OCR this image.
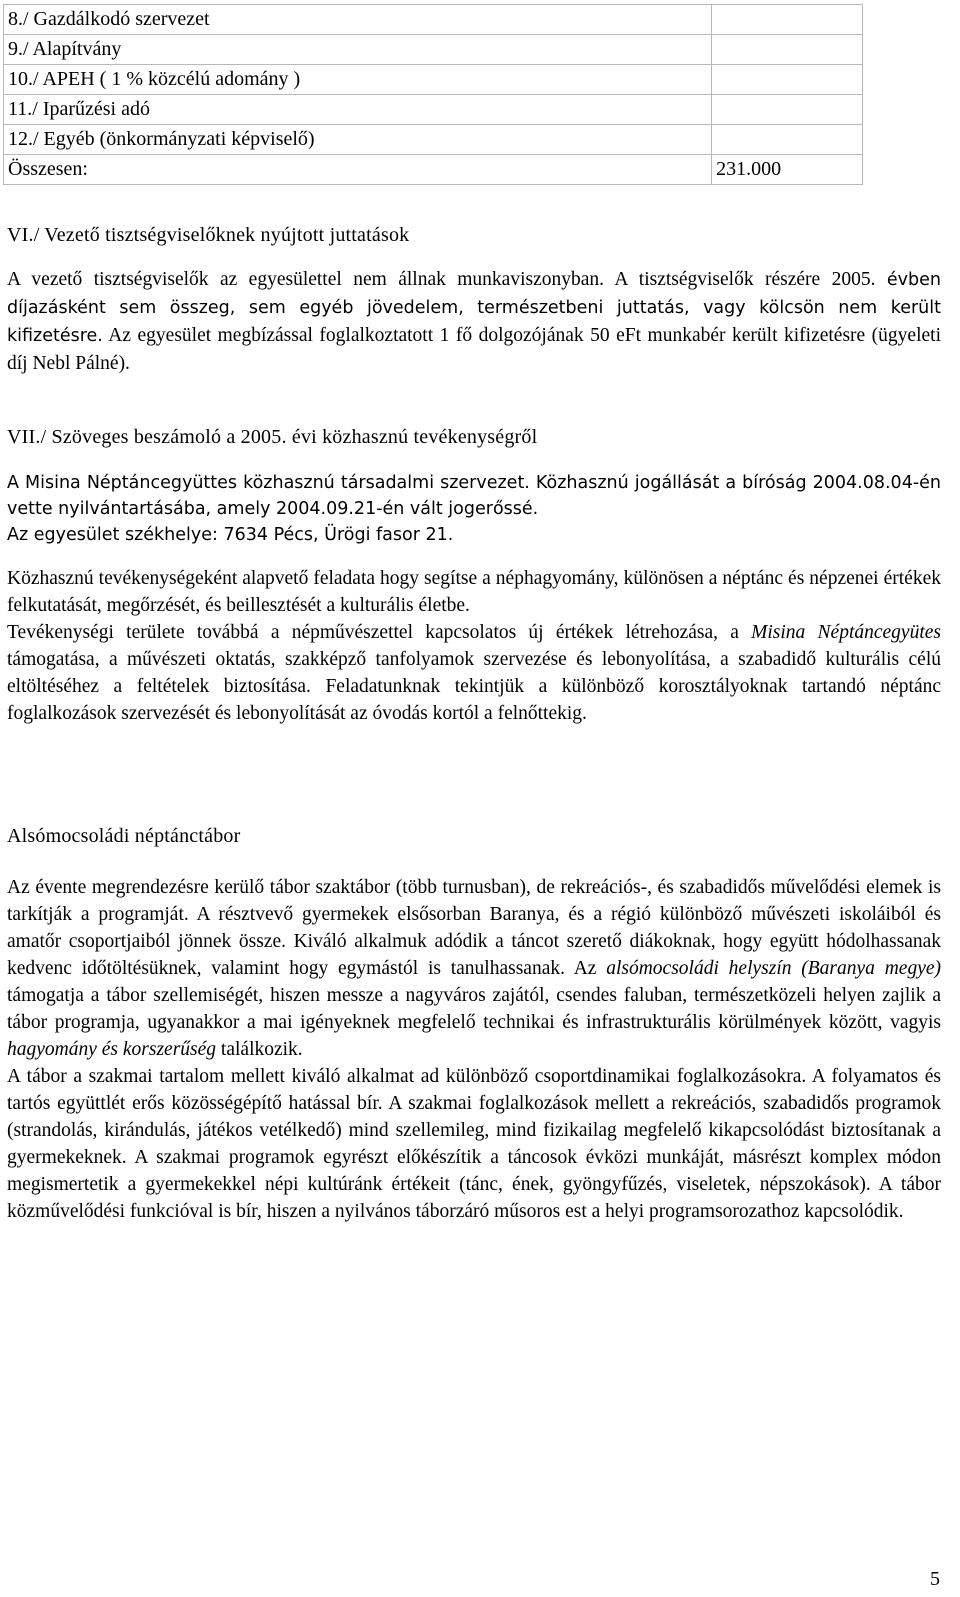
8./ Gazdálkodó szervezet	
9./ Alapítvány	
10./ APEH ( 1 % közcélú adomány )	
11./ Iparűzési adó	
12./ Egyéb (önkormányzati képviselő)	
Összesen:	231.000
VI./ Vezető tisztségviselőknek nyújtott juttatások

A vezető tisztségviselők az egyesülettel nem állnak munkaviszonyban. A tisztségviselők részére 2005. évben díjazásként sem összeg, sem egyéb jövedelem, természetbeni juttatás, vagy kölcsön nem került kifizetésre. Az egyesület megbízással foglalkoztatott 1 fő dolgozójának 50 eFt munkabér került kifizetésre (ügyeleti díj Nebl Pálné).

VII./ Szöveges beszámoló a 2005. évi közhasznú tevékenységről

A Misina Néptáncegyüttes közhasznú társadalmi szervezet. Közhasznú jogállását a bíróság 2004.08.04-én vette nyilvántartásába, amely 2004.09.21-én vált jogerőssé.

Az egyesület székhelye: 7634 Pécs, Ürögi fasor 21.

Közhasznú tevékenységeként alapvető feladata hogy segítse a néphagyomány, különösen a néptánc és népzenei értékek felkutatását, megőrzését, és beillesztését a kulturális életbe.

Tevékenységi területe továbbá a népművészettel kapcsolatos új értékek létrehozása, a Misina Néptáncegyütes támogatása, a művészeti oktatás, szakképző tanfolyamok szervezése és lebonyolítása, a szabadidő kulturális célú eltöltéséhez a feltételek biztosítása. Feladatunknak tekintjük a különböző korosztályoknak tartandó néptánc foglalkozások szervezését és lebonyolítását az óvodás kortól a felnőttekig.

Alsómocsoládi néptánctábor

Az évente megrendezésre kerülő tábor szaktábor (több turnusban), de rekreációs-, és szabadidős művelődési elemek is tarkítják a programját. A résztvevő gyermekek elsősorban Baranya, és a régió különböző művészeti iskoláiból és amatőr csoportjaiból jönnek össze. Kiváló alkalmuk adódik a táncot szerető diákoknak, hogy együtt hódolhassanak kedvenc időtöltésüknek, valamint hogy egymástól is tanulhassanak. Az alsómocsoládi helyszín (Baranya megye) támogatja a tábor szellemiségét, hiszen messze a nagyváros zajától, csendes faluban, természetközeli helyen zajlik a tábor programja, ugyanakkor a mai igényeknek megfelelő technikai és infrastrukturális körülmények között, vagyis hagyomány és korszerűség találkozik.

A tábor a szakmai tartalom mellett kiváló alkalmat ad különböző csoportdinamikai foglalkozásokra. A folyamatos és tartós együttlét erős közösségépítő hatással bír. A szakmai foglalkozások mellett a rekreációs, szabadidős programok (strandolás, kirándulás, játékos vetélkedő) mind szellemileg, mind fizikailag megfelelő kikapcsolódást biztosítanak a gyermekeknek. A szakmai programok egyrészt előkészítik a táncosok évközi munkáját, másrészt komplex módon megismertetik a gyermekekkel népi kultúránk értékeit (tánc, ének, gyöngyfűzés, viseletek, népszokások). A tábor közművelődési funkcióval is bír, hiszen a nyilvános táborzáró műsoros est a helyi programsorozathoz kapcsolódik.

5
